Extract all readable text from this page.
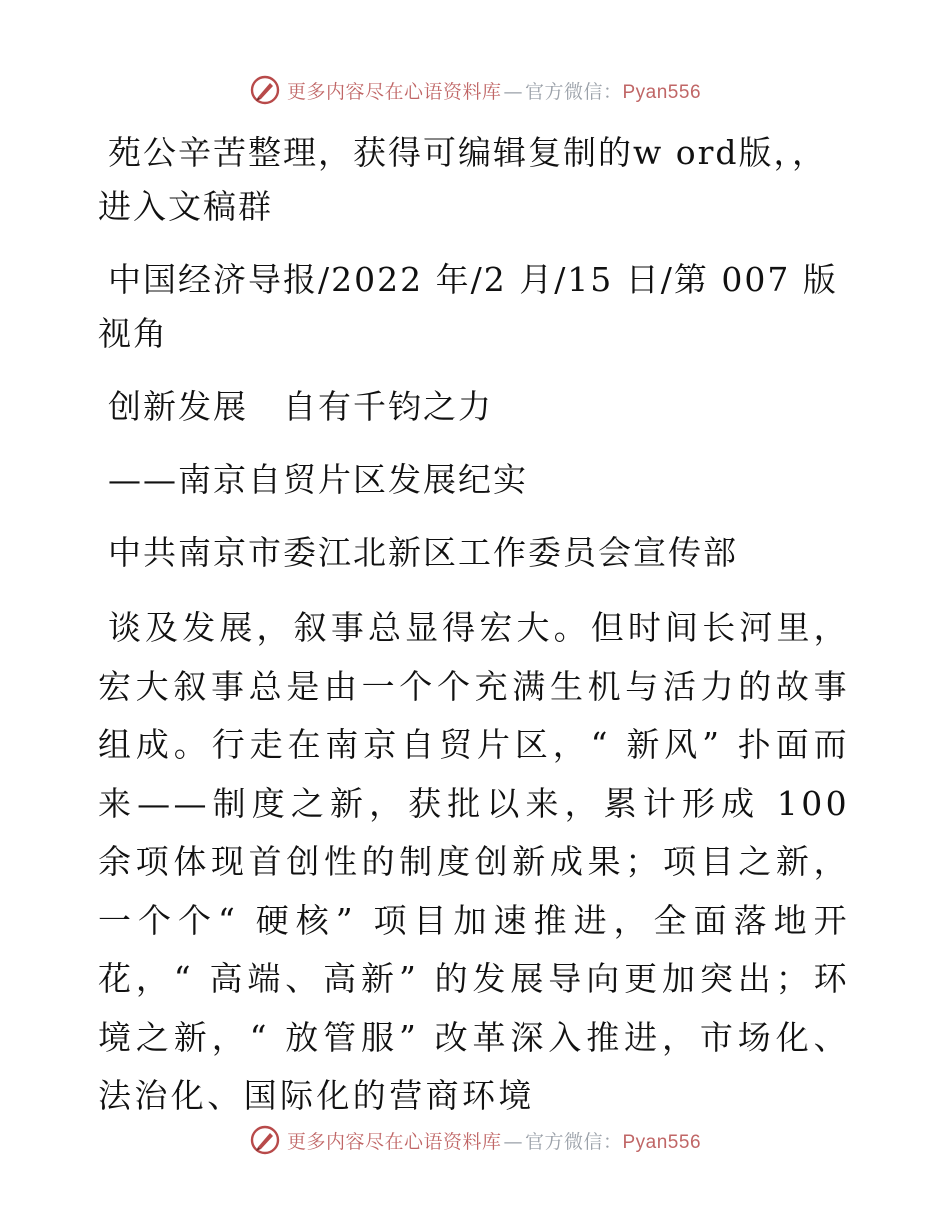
更多内容尽在心语资料库 — 官方微信：Pyan556

苑公辛苦整理，获得可编辑复制的w ord版，，进入文稿群

中国经济导报/2022 年/2 月/15 日/第 007 版视角

创新发展　自有千钧之力

——南京自贸片区发展纪实

中共南京市委江北新区工作委员会宣传部

谈及发展，叙事总显得宏大。但时间长河里，宏大叙事总是由一个个充满生机与活力的故事组成。行走在南京自贸片区，“ 新风” 扑面而来——制度之新，获批以来，累计形成 100 余项体现首创性的制度创新成果；项目之新，一个个“ 硬核” 项目加速推进，全面落地开花，“ 高端、高新” 的发展导向更加突出；环境之新，“ 放管服” 改革深入推进，市场化、法治化、国际化的营商环境

更多内容尽在心语资料库 — 官方微信：Pyan556
